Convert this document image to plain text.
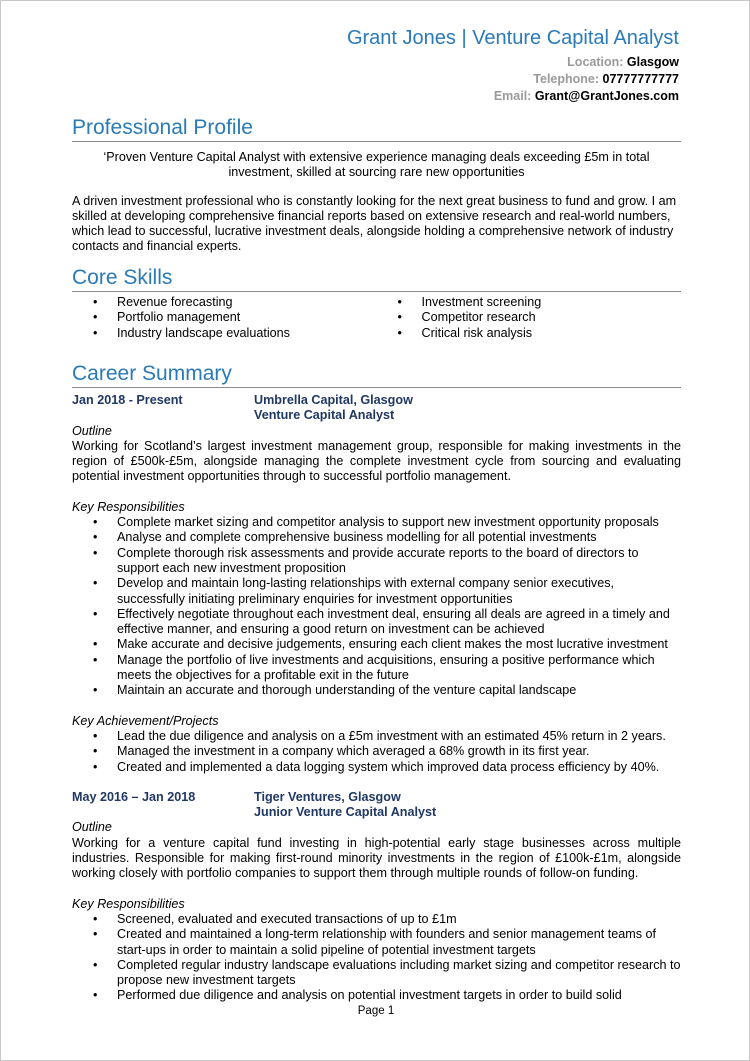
Grant Jones | Venture Capital Analyst
Location: Glasgow
Telephone: 07777777777
Email: Grant@GrantJones.com
Professional Profile

‘Proven Venture Capital Analyst with extensive experience managing deals exceeding £5m in total investment, skilled at sourcing rare new opportunities

A driven investment professional who is constantly looking for the next great business to fund and grow. I am skilled at developing comprehensive financial reports based on extensive research and real-world numbers, which lead to successful, lucrative investment deals, alongside holding a comprehensive network of industry contacts and financial experts.

Core Skills
• Revenue forecasting
• Portfolio management
• Industry landscape evaluations
• Investment screening
• Competitor research
• Critical risk analysis
Career Summary
Jan 2018 - Present	Umbrella Capital, Glasgow
Venture Capital Analyst
Outline

Working for Scotland’s largest investment management group, responsible for making investments in the region of £500k-£5m, alongside managing the complete investment cycle from sourcing and evaluating potential investment opportunities through to successful portfolio management.

Key Responsibilities
• Complete market sizing and competitor analysis to support new investment opportunity proposals
• Analyse and complete comprehensive business modelling for all potential investments
• Complete thorough risk assessments and provide accurate reports to the board of directors to support each new investment proposition
• Develop and maintain long-lasting relationships with external company senior executives, successfully initiating preliminary enquiries for investment opportunities
• Effectively negotiate throughout each investment deal, ensuring all deals are agreed in a timely and effective manner, and ensuring a good return on investment can be achieved
• Make accurate and decisive judgements, ensuring each client makes the most lucrative investment
• Manage the portfolio of live investments and acquisitions, ensuring a positive performance which meets the objectives for a profitable exit in the future
• Maintain an accurate and thorough understanding of the venture capital landscape
Key Achievement/Projects
• Lead the due diligence and analysis on a £5m investment with an estimated 45% return in 2 years.
• Managed the investment in a company which averaged a 68% growth in its first year.
• Created and implemented a data logging system which improved data process efficiency by 40%.
May 2016 – Jan 2018	Tiger Ventures, Glasgow
Junior Venture Capital Analyst
Outline

Working for a venture capital fund investing in high-potential early stage businesses across multiple industries. Responsible for making first-round minority investments in the region of £100k-£1m, alongside working closely with portfolio companies to support them through multiple rounds of follow-on funding.

Key Responsibilities
• Screened, evaluated and executed transactions of up to £1m
• Created and maintained a long-term relationship with founders and senior management teams of start-ups in order to maintain a solid pipeline of potential investment targets
• Completed regular industry landscape evaluations including market sizing and competitor research to propose new investment targets
• Performed due diligence and analysis on potential investment targets in order to build solid
Page 1
